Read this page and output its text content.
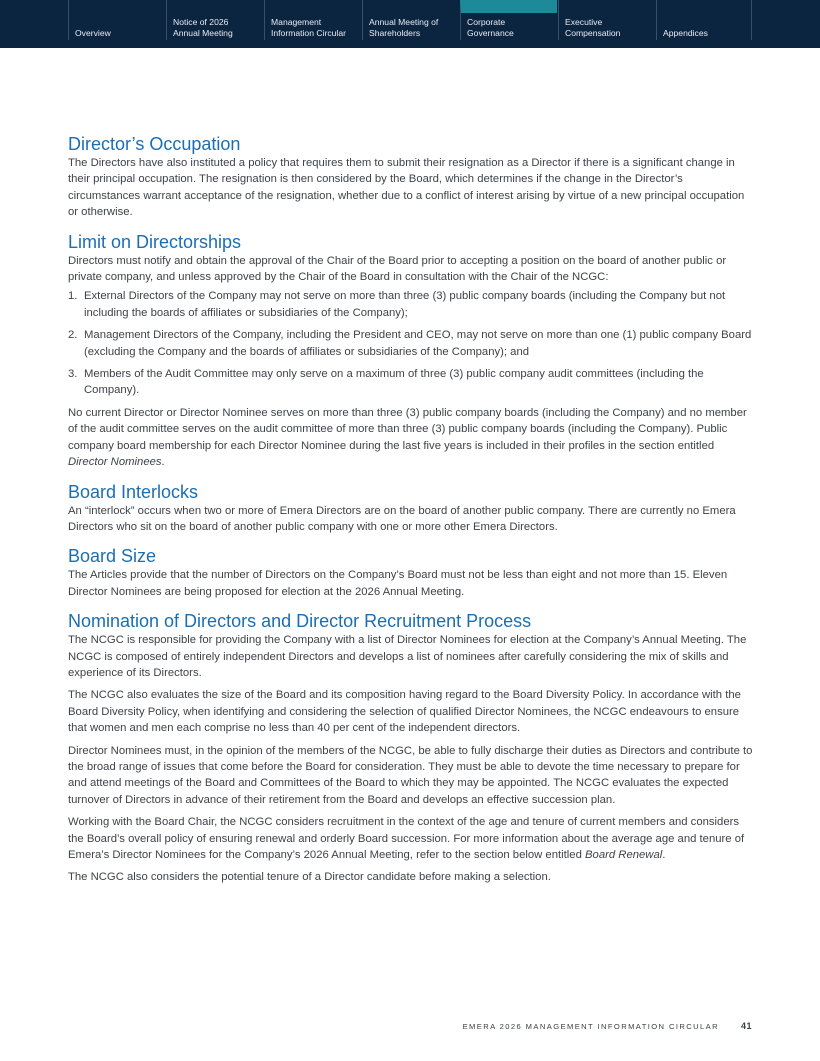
Overview
Notice of 2026
Annual Meeting
Management
Information Circular
Annual Meeting of
Shareholders
Corporate
Governance
Executive
Compensation	Appendices
Director’s Occupation

The Directors have also instituted a policy that requires them to submit their resignation as a Director if there is a significant change in their principal occupation. The resignation is then considered by the Board, which determines if the change in the Director’s circumstances warrant acceptance of the resignation, whether due to a conflict of interest arising by virtue of a new principal occupation or otherwise.

Limit on Directorships

Directors must notify and obtain the approval of the Chair of the Board prior to accepting a position on the board of another public or private company, and unless approved by the Chair of the Board in consultation with the Chair of the NCGC:

1. External Directors of the Company may not serve on more than three (3) public company boards (including the Company but not including the boards of affiliates or subsidiaries of the Company);
2. Management Directors of the Company, including the President and CEO, may not serve on more than one (1) public company Board (excluding the Company and the boards of affiliates or subsidiaries of the Company); and
3. Members of the Audit Committee may only serve on a maximum of three (3) public company audit committees (including the Company).

No current Director or Director Nominee serves on more than three (3) public company boards (including the Company) and no member of the audit committee serves on the audit committee of more than three (3) public company boards (including the Company). Public company board membership for each Director Nominee during the last five years is included in their profiles in the section entitled Director Nominees.

Board Interlocks

An “interlock” occurs when two or more of Emera Directors are on the board of another public company. There are currently no Emera Directors who sit on the board of another public company with one or more other Emera Directors.

Board Size

The Articles provide that the number of Directors on the Company’s Board must not be less than eight and not more than 15. Eleven Director Nominees are being proposed for election at the 2026 Annual Meeting.

Nomination of Directors and Director Recruitment Process

The NCGC is responsible for providing the Company with a list of Director Nominees for election at the Company’s Annual Meeting. The NCGC is composed of entirely independent Directors and develops a list of nominees after carefully considering the mix of skills and experience of its Directors.

The NCGC also evaluates the size of the Board and its composition having regard to the Board Diversity Policy. In accordance with the Board Diversity Policy, when identifying and considering the selection of qualified Director Nominees, the NCGC endeavours to ensure that women and men each comprise no less than 40 per cent of the independent directors.

Director Nominees must, in the opinion of the members of the NCGC, be able to fully discharge their duties as Directors and contribute to the broad range of issues that come before the Board for consideration. They must be able to devote the time necessary to prepare for and attend meetings of the Board and Committees of the Board to which they may be appointed. The NCGC evaluates the expected turnover of Directors in advance of their retirement from the Board and develops an effective succession plan.

Working with the Board Chair, the NCGC considers recruitment in the context of the age and tenure of current members and considers the Board’s overall policy of ensuring renewal and orderly Board succession. For more information about the average age and tenure of Emera’s Director Nominees for the Company’s 2026 Annual Meeting, refer to the section below entitled Board Renewal.

The NCGC also considers the potential tenure of a Director candidate before making a selection.

EMERA 2026 MANAGEMENT INFORMATION CIRCULAR 41
